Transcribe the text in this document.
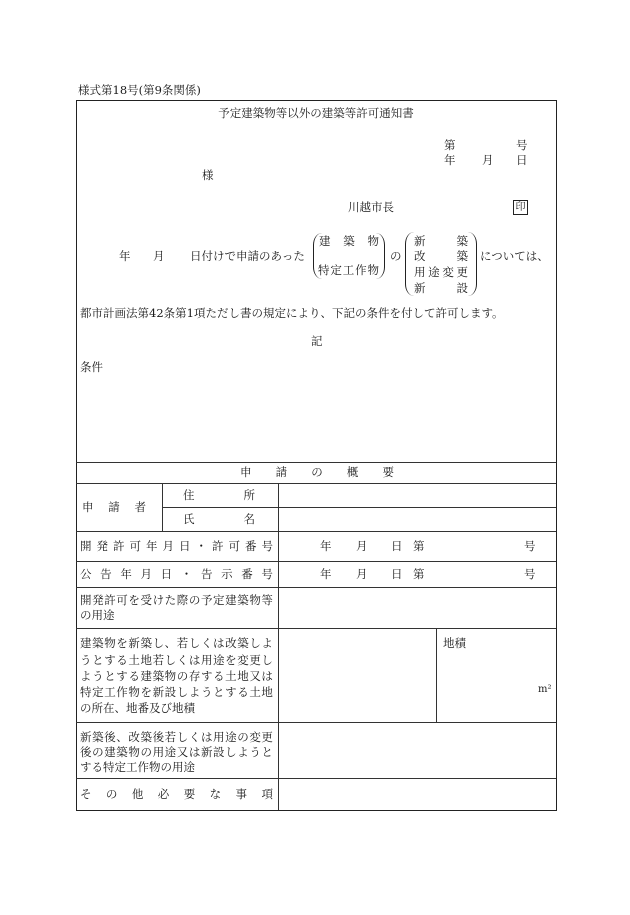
様式第18号(第9条関係)
予定建築物等以外の建築等許可通知書
第	号
年 月 日
様
川越市長	印
年 月 日付けで申請のあった
建 築 物
特 定 工 作 物
の
新	築
改	築
用 途 変 更
新	設
については、
都市計画法第42条第1項ただし書の規定により、下記の条件を付して許可します。
記
条件
申 請 の 概 要
申 請 者
住	所
氏	名
開 発 許 可 年 月 日 ・ 許 可 番 号	年 月 日 第	号
公 告 年 月 日 ・ 告 示 番 号	年 月 日 第	号
開 発 許 可 を 受 け た 際 の 予 定 建 築 物 等
の用途
建 築 物 を 新 築 し 、 若 し く は 改 築 し よ
う と す る 土 地 若 し く は 用 途 を 変 更 し
よ う と す る 建 築 物 の 存 す る 土 地 又 は
特 定 工 作 物 を 新 設 し よ う と す る 土 地
の所在、地番及び地積
地積
m²
新 築 後 、 改 築 後 若 し く は 用 途 の 変 更
後 の 建 築 物 の 用 途 又 は 新 設 し よ う と
する特定工作物の用途
そ の 他 必 要 な 事 項
